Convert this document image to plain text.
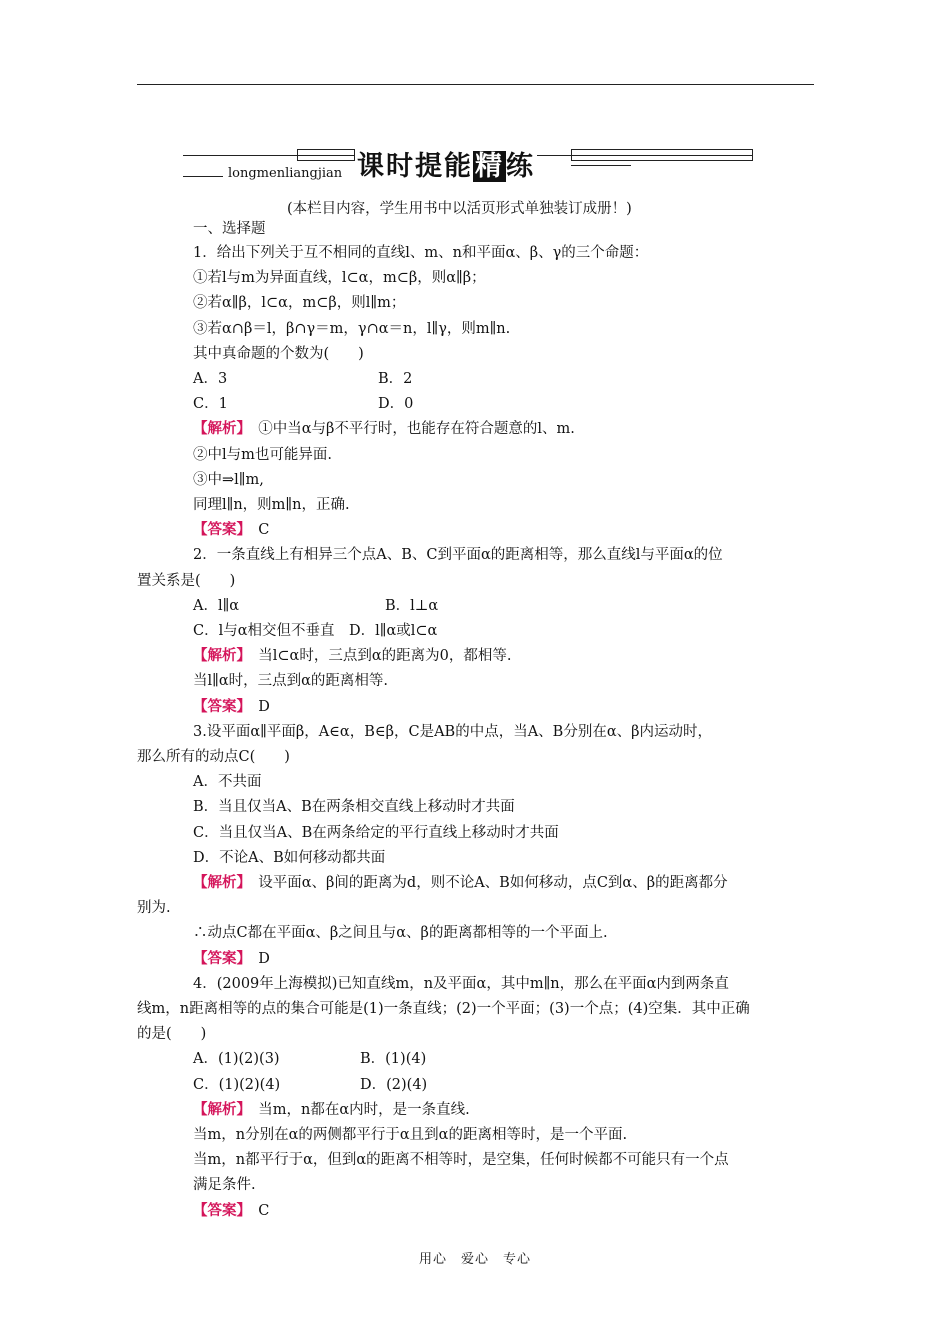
课时提能精练
longmenliangjian
(本栏目内容，学生用书中以活页形式单独装订成册！)
一、选择题
1．给出下列关于互不相同的直线l、m、n和平面α、β、γ的三个命题：
①若l与m为异面直线，l⊂α，m⊂β，则α∥β；
②若α∥β，l⊂α，m⊂β，则l∥m；
③若α∩β＝l，β∩γ＝m，γ∩α＝n，l∥γ，则m∥n.
其中真命题的个数为(　　)
A．3	B．2
C．1	D．0
【解析】　①中当α与β不平行时，也能存在符合题意的l、m.
②中l与m也可能异面.
③中⇒l∥m,
同理l∥n，则m∥n，正确.
【答案】　C
2．一条直线上有相异三个点A、B、C到平面α的距离相等，那么直线l与平面α的位
置关系是(　　)
A．l∥α	B．l⊥α
C．l与α相交但不垂直　D．l∥α或l⊂α
【解析】　当l⊂α时，三点到α的距离为0，都相等.
当l∥α时，三点到α的距离相等.
【答案】　D
3.设平面α∥平面β，A∈α，B∈β，C是AB的中点，当A、B分别在α、β内运动时，
那么所有的动点C(　　)
A．不共面
B．当且仅当A、B在两条相交直线上移动时才共面
C．当且仅当A、B在两条给定的平行直线上移动时才共面
D．不论A、B如何移动都共面
【解析】　设平面α、β间的距离为d，则不论A、B如何移动，点C到α、β的距离都分
别为.
∴动点C都在平面α、β之间且与α、β的距离都相等的一个平面上.
【答案】　D
4．(2009年上海模拟)已知直线m，n及平面α，其中m∥n，那么在平面α内到两条直
线m，n距离相等的点的集合可能是(1)一条直线；(2)一个平面；(3)一个点；(4)空集．其中正确
的是(　　)
A．(1)(2)(3)	B．(1)(4)
C．(1)(2)(4)	D．(2)(4)
【解析】　当m，n都在α内时，是一条直线.
当m，n分别在α的两侧都平行于α且到α的距离相等时，是一个平面.
当m，n都平行于α，但到α的距离不相等时，是空集，任何时候都不可能只有一个点
满足条件.
【答案】　C
用心　爱心　专心
